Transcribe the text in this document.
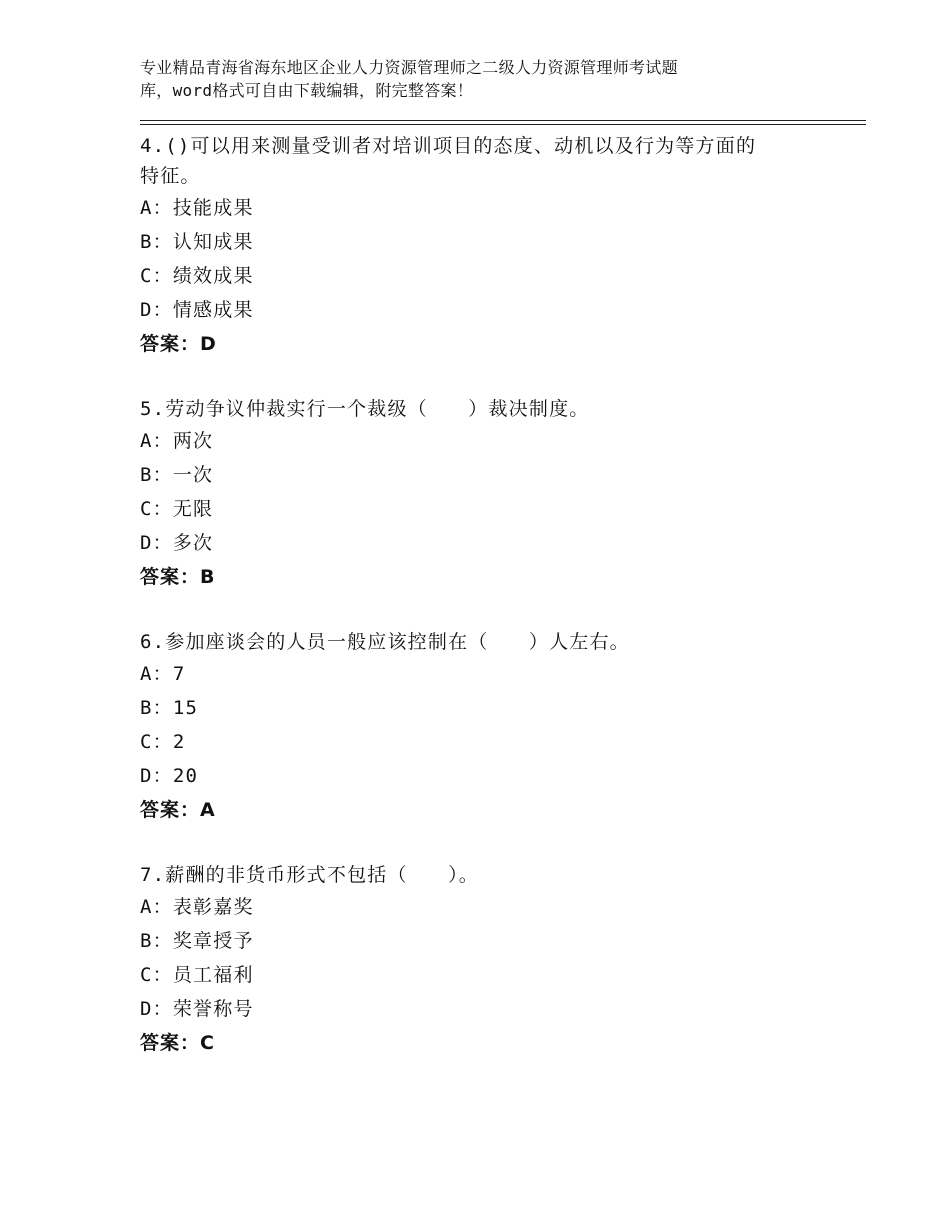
专业精品青海省海东地区企业人力资源管理师之二级人力资源管理师考试题
库，word格式可自由下载编辑，附完整答案！
4.()可以用来测量受训者对培训项目的态度、动机以及行为等方面的
特征。
A：技能成果
B：认知成果
C：绩效成果
D：情感成果
答案：D
5.劳动争议仲裁实行一个裁级（　　）裁决制度。
A：两次
B：一次
C：无限
D：多次
答案：B
6.参加座谈会的人员一般应该控制在（　　）人左右。
A：7
B：15
C：2
D：20
答案：A
7.薪酬的非货币形式不包括（　　）。
A：表彰嘉奖
B：奖章授予
C：员工福利
D：荣誉称号
答案：C
